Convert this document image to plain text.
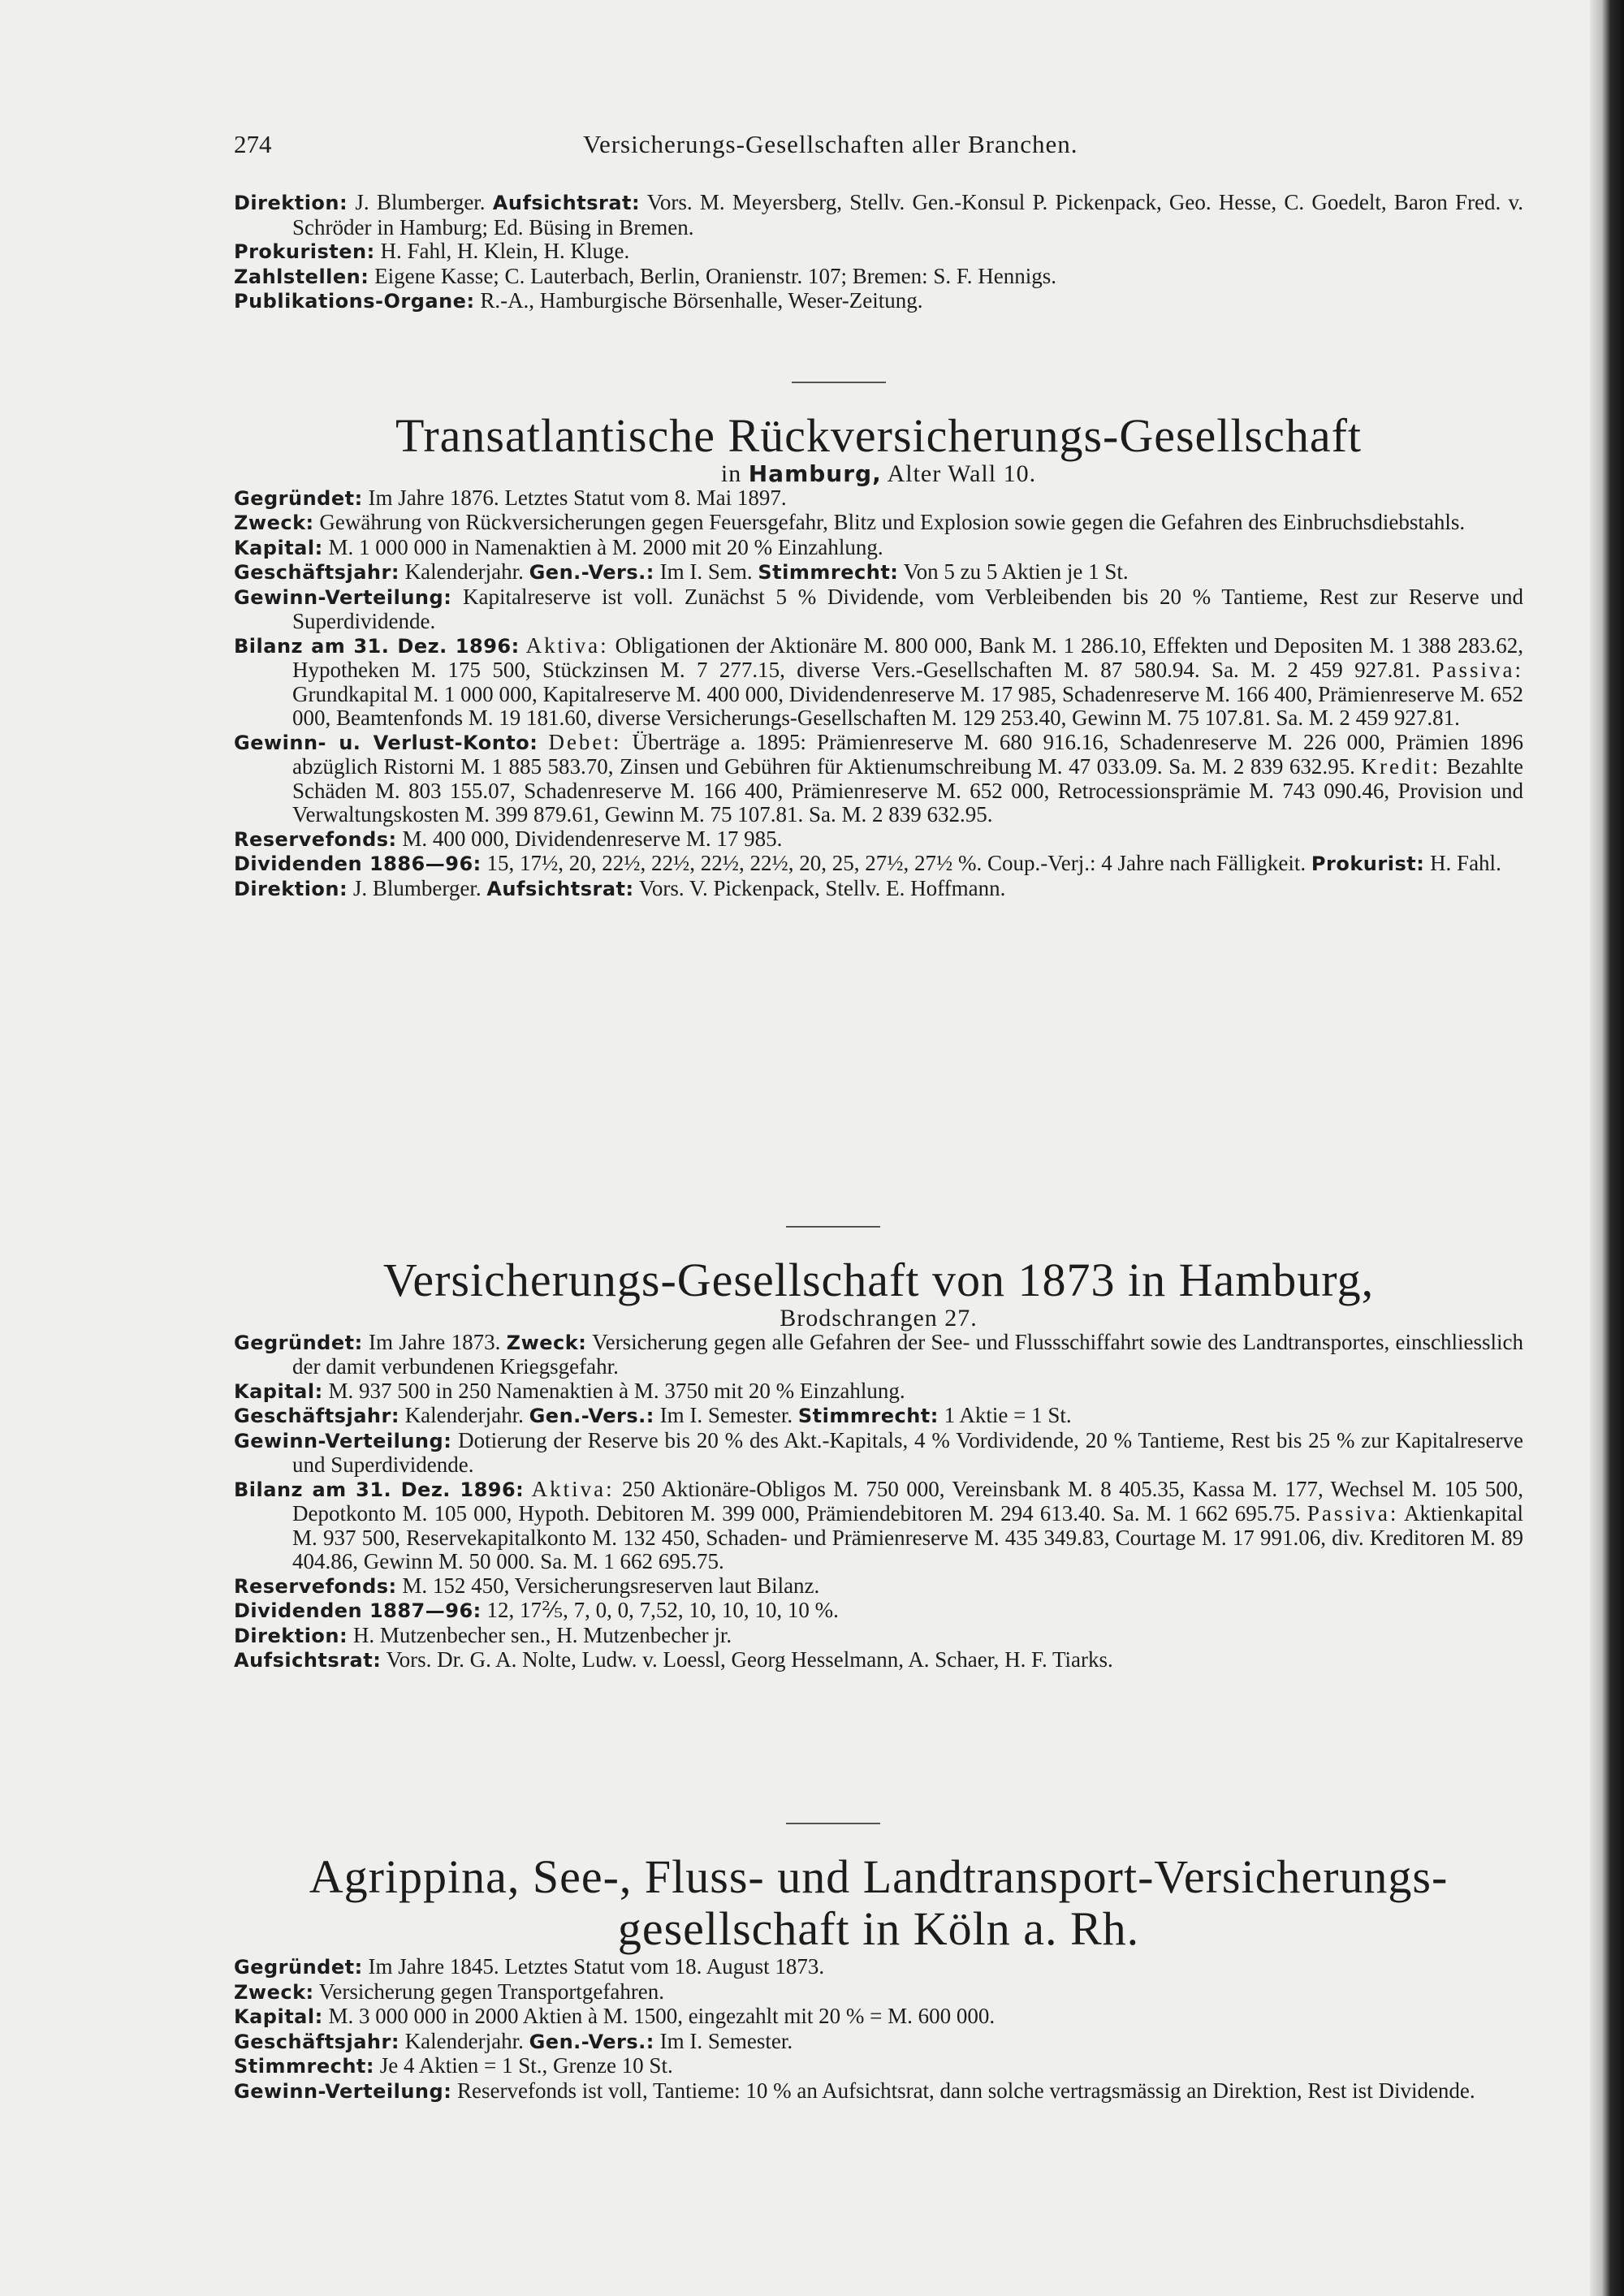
274	Versicherungs-Gesellschaften aller Branchen.

Direktion: J. Blumberger. Aufsichtsrat: Vors. M. Meyersberg, Stellv. Gen.-Konsul P. Pickenpack, Geo. Hesse, C. Goedelt, Baron Fred. v. Schröder in Hamburg; Ed. Büsing in Bremen.

Prokuristen: H. Fahl, H. Klein, H. Kluge.

Zahlstellen: Eigene Kasse; C. Lauterbach, Berlin, Oranienstr. 107; Bremen: S. F. Hennigs.

Publikations-Organe: R.-A., Hamburgische Börsenhalle, Weser-Zeitung.

Transatlantische Rückversicherungs-Gesellschaft

in Hamburg, Alter Wall 10.

Gegründet: Im Jahre 1876. Letztes Statut vom 8. Mai 1897.

Zweck: Gewährung von Rückversicherungen gegen Feuersgefahr, Blitz und Explosion sowie gegen die Gefahren des Einbruchsdiebstahls.

Kapital: M. 1 000 000 in Namenaktien à M. 2000 mit 20 % Einzahlung.

Geschäftsjahr: Kalenderjahr. Gen.-Vers.: Im I. Sem. Stimmrecht: Von 5 zu 5 Aktien je 1 St.

Gewinn-Verteilung: Kapitalreserve ist voll. Zunächst 5 % Dividende, vom Verbleibenden bis 20 % Tantieme, Rest zur Reserve und Superdividende.

Bilanz am 31. Dez. 1896: Aktiva: Obligationen der Aktionäre M. 800 000, Bank M. 1 286.10, Effekten und Depositen M. 1 388 283.62, Hypotheken M. 175 500, Stückzinsen M. 7 277.15, diverse Vers.-Gesellschaften M. 87 580.94. Sa. M. 2 459 927.81. Passiva: Grundkapital M. 1 000 000, Kapitalreserve M. 400 000, Dividendenreserve M. 17 985, Schadenreserve M. 166 400, Prämienreserve M. 652 000, Beamtenfonds M. 19 181.60, diverse Versicherungs-Gesellschaften M. 129 253.40, Gewinn M. 75 107.81. Sa. M. 2 459 927.81.

Gewinn- u. Verlust-Konto: Debet: Überträge a. 1895: Prämienreserve M. 680 916.16, Schadenreserve M. 226 000, Prämien 1896 abzüglich Ristorni M. 1 885 583.70, Zinsen und Gebühren für Aktienumschreibung M. 47 033.09. Sa. M. 2 839 632.95. Kredit: Bezahlte Schäden M. 803 155.07, Schadenreserve M. 166 400, Prämienreserve M. 652 000, Retrocessionsprämie M. 743 090.46, Provision und Verwaltungskosten M. 399 879.61, Gewinn M. 75 107.81. Sa. M. 2 839 632.95.

Reservefonds: M. 400 000, Dividendenreserve M. 17 985.

Dividenden 1886—96: 15, 17½, 20, 22½, 22½, 22½, 22½, 20, 25, 27½, 27½ %. Coup.-Verj.: 4 Jahre nach Fälligkeit. Prokurist: H. Fahl.

Direktion: J. Blumberger. Aufsichtsrat: Vors. V. Pickenpack, Stellv. E. Hoffmann.

Versicherungs-Gesellschaft von 1873 in Hamburg,

Brodschrangen 27.

Gegründet: Im Jahre 1873. Zweck: Versicherung gegen alle Gefahren der See- und Flussschiffahrt sowie des Landtransportes, einschliesslich der damit verbundenen Kriegsgefahr.

Kapital: M. 937 500 in 250 Namenaktien à M. 3750 mit 20 % Einzahlung.

Geschäftsjahr: Kalenderjahr. Gen.-Vers.: Im I. Semester. Stimmrecht: 1 Aktie = 1 St.

Gewinn-Verteilung: Dotierung der Reserve bis 20 % des Akt.-Kapitals, 4 % Vordividende, 20 % Tantieme, Rest bis 25 % zur Kapitalreserve und Superdividende.

Bilanz am 31. Dez. 1896: Aktiva: 250 Aktionäre-Obligos M. 750 000, Vereinsbank M. 8 405.35, Kassa M. 177, Wechsel M. 105 500, Depotkonto M. 105 000, Hypoth. Debitoren M. 399 000, Prämiendebitoren M. 294 613.40. Sa. M. 1 662 695.75. Passiva: Aktienkapital M. 937 500, Reservekapitalkonto M. 132 450, Schaden- und Prämienreserve M. 435 349.83, Courtage M. 17 991.06, div. Kreditoren M. 89 404.86, Gewinn M. 50 000. Sa. M. 1 662 695.75.

Reservefonds: M. 152 450, Versicherungsreserven laut Bilanz.

Dividenden 1887—96: 12, 17⅖, 7, 0, 0, 7,52, 10, 10, 10, 10 %.

Direktion: H. Mutzenbecher sen., H. Mutzenbecher jr.

Aufsichtsrat: Vors. Dr. G. A. Nolte, Ludw. v. Loessl, Georg Hesselmann, A. Schaer, H. F. Tiarks.

Agrippina, See-, Fluss- und Landtransport-Versicherungs-

gesellschaft in Köln a. Rh.

Gegründet: Im Jahre 1845. Letztes Statut vom 18. August 1873.

Zweck: Versicherung gegen Transportgefahren.

Kapital: M. 3 000 000 in 2000 Aktien à M. 1500, eingezahlt mit 20 % = M. 600 000.

Geschäftsjahr: Kalenderjahr. Gen.-Vers.: Im I. Semester.

Stimmrecht: Je 4 Aktien = 1 St., Grenze 10 St.

Gewinn-Verteilung: Reservefonds ist voll, Tantieme: 10 % an Aufsichtsrat, dann solche vertragsmässig an Direktion, Rest ist Dividende.
